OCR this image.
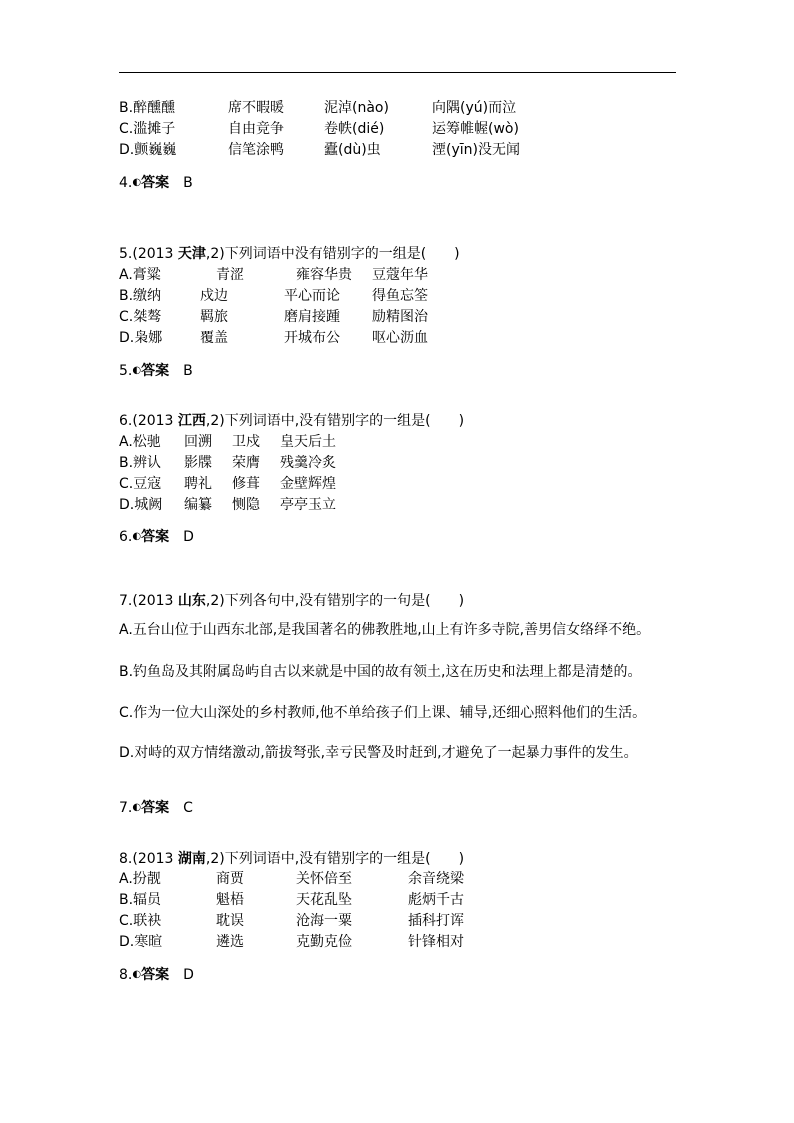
B.醉醺醺	席不暇暖	泥淖(nào)	向隅(yú)而泣
C.滥摊子	自由竞争	卷帙(dié)	运筹帷幄(wò)
D.颤巍巍	信笔涂鸭	蠹(dù)虫	湮(yīn)没无闻
4.◐答案 B
5.(2013 天津,2)下列词语中没有错别字的一组是(　　)
A.膏粱	青涩	雍容华贵 豆蔻年华
B.缴纳	戍边	平心而论 得鱼忘筌
C.桀骜	羁旅	磨肩接踵 励精图治
D.枭娜	覆盖	开城布公 呕心沥血
5.◐答案 B
6.(2013 江西,2)下列词语中,没有错别字的一组是(　　)
A.松驰 回溯 卫戍 皇天后土
B.辨认 影牒 荣膺 残羹冷炙
C.豆寇 聘礼 修葺 金壁辉煌
D.城阙 编纂 恻隐 亭亭玉立
6.◐答案 D
7.(2013 山东,2)下列各句中,没有错别字的一句是(　　)
A.五台山位于山西东北部,是我国著名的佛教胜地,山上有许多寺院,善男信女络绎不绝。
B.钓鱼岛及其附属岛屿自古以来就是中国的故有领土,这在历史和法理上都是清楚的。
C.作为一位大山深处的乡村教师,他不单给孩子们上课、辅导,还细心照料他们的生活。
D.对峙的双方情绪激动,箭拔弩张,幸亏民警及时赶到,才避免了一起暴力事件的发生。
7.◐答案 C
8.(2013 湖南,2)下列词语中,没有错别字的一组是(　　)
A.扮靓	商贾	关怀倍至	余音绕梁
B.辐员	魁梧	天花乱坠	彪炳千古
C.联袂	耽误	沧海一粟	插科打诨
D.寒暄	遴选	克勤克俭	针锋相对
8.◐答案 D
